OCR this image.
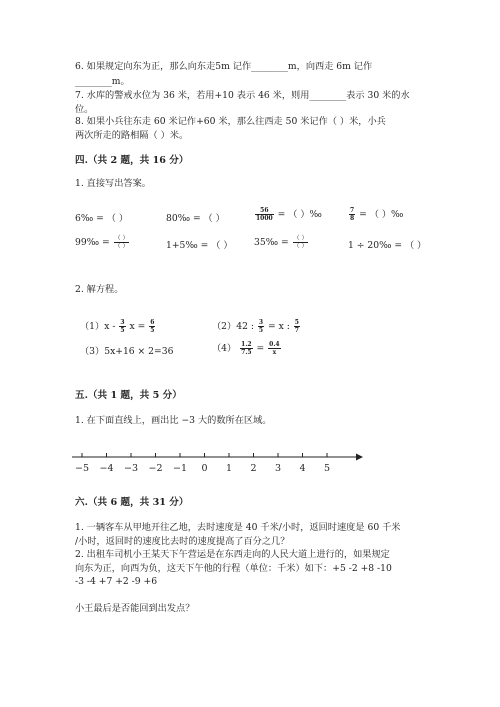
6. 如果规定向东为正，那么向东走5m 记作________m，向西走 6m 记作
________m。
7. 水库的警戒水位为 36 米，若用+10 表示 46 米，则用________表示 30 米的水
位。
8. 如果小兵往东走 60 米记作+60 米，那么往西走 50 米记作（ ）米，小兵
两次所走的路相隔（ ）米。
四.（共 2 题，共 16 分）
1. 直接写出答案。
6‰ = （ ）	80‰ = （ ）	$\frac{56}{1000}$ = （ ）‰	$\frac{7}{8}$ = （ ）‰
99‰ = $\frac{( )}{( )}$	1+5‰ = （ ） 35‰ = $\frac{( )}{( )}$	1 ÷ 20‰ = （ ）
2. 解方程。
$(1)x - \frac{3}{5}$ $x = \frac{6}{5}$	（2）42 : $\frac{3}{5} = x$ : $\frac{5}{7}$
（3）5x+16 × 2=36	$(4) \frac{1.2}{7.5} = \frac{0.4}{x}$
五.（共 1 题，共 5 分）
1. 在下面直线上，画出比 −3 大的数所在区域。
−5 −4 −3 −2 −1 0 1 2 3 4 5
六.（共 6 题，共 31 分）
1. 一辆客车从甲地开往乙地，去时速度是 40 千米/小时，返回时速度是 60 千米
/小时，返回时的速度比去时的速度提高了百分之几？
2. 出租车司机小王某天下午营运是在东西走向的人民大道上进行的，如果规定
向东为正，向西为负，这天下午他的行程（单位：千米）如下：+5 -2 +8 -10
-3 -4 +7 +2 -9 +6
小王最后是否能回到出发点？
